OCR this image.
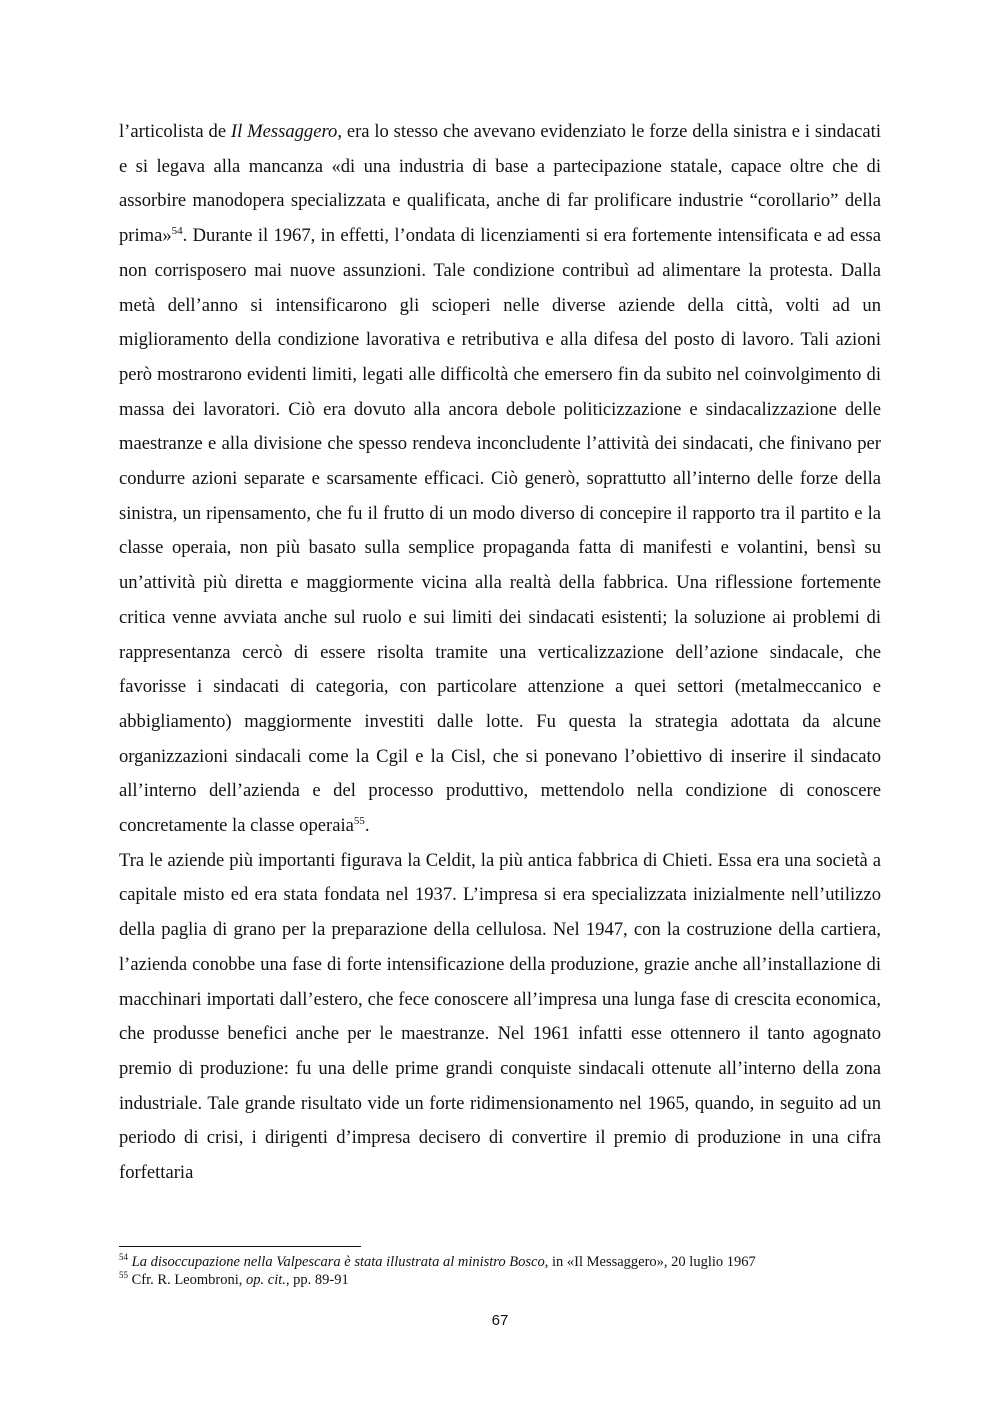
l’articolista de Il Messaggero, era lo stesso che avevano evidenziato le forze della sinistra e i sindacati e si legava alla mancanza «di una industria di base a partecipazione statale, capace oltre che di assorbire manodopera specializzata e qualificata, anche di far prolificare industrie “corollario” della prima»$^{54}$. Durante il 1967, in effetti, l’ondata di licenziamenti si era fortemente intensificata e ad essa non corrisposero mai nuove assunzioni. Tale condizione contribuì ad alimentare la protesta. Dalla metà dell’anno si intensificarono gli scioperi nelle diverse aziende della città, volti ad un miglioramento della condizione lavorativa e retributiva e alla difesa del posto di lavoro. Tali azioni però mostrarono evidenti limiti, legati alle difficoltà che emersero fin da subito nel coinvolgimento di massa dei lavoratori. Ciò era dovuto alla ancora debole politicizzazione e sindacalizzazione delle maestranze e alla divisione che spesso rendeva inconcludente l’attività dei sindacati, che finivano per condurre azioni separate e scarsamente efficaci. Ciò generò, soprattutto all’interno delle forze della sinistra, un ripensamento, che fu il frutto di un modo diverso di concepire il rapporto tra il partito e la classe operaia, non più basato sulla semplice propaganda fatta di manifesti e volantini, bensì su un’attività più diretta e maggiormente vicina alla realtà della fabbrica. Una riflessione fortemente critica venne avviata anche sul ruolo e sui limiti dei sindacati esistenti; la soluzione ai problemi di rappresentanza cercò di essere risolta tramite una verticalizzazione dell’azione sindacale, che favorisse i sindacati di categoria, con particolare attenzione a quei settori (metalmeccanico e abbigliamento) maggiormente investiti dalle lotte. Fu questa la strategia adottata da alcune organizzazioni sindacali come la Cgil e la Cisl, che si ponevano l’obiettivo di inserire il sindacato all’interno dell’azienda e del processo produttivo, mettendolo nella condizione di conoscere concretamente la classe operaia$^{55}$.

Tra le aziende più importanti figurava la Celdit, la più antica fabbrica di Chieti. Essa era una società a capitale misto ed era stata fondata nel 1937. L’impresa si era specializzata inizialmente nell’utilizzo della paglia di grano per la preparazione della cellulosa. Nel 1947, con la costruzione della cartiera, l’azienda conobbe una fase di forte intensificazione della produzione, grazie anche all’installazione di macchinari importati dall’estero, che fece conoscere all’impresa una lunga fase di crescita economica, che produsse benefici anche per le maestranze. Nel 1961 infatti esse ottennero il tanto agognato premio di produzione: fu una delle prime grandi conquiste sindacali ottenute all’interno della zona industriale. Tale grande risultato vide un forte ridimensionamento nel 1965, quando, in seguito ad un periodo di crisi, i dirigenti d’impresa decisero di convertire il premio di produzione in una cifra forfettaria

$^{54}$ La disoccupazione nella Valpescara è stata illustrata al ministro Bosco, in «Il Messaggero», 20 luglio 1967

$^{55}$ Cfr. R. Leombroni, op. cit., pp. 89-91

67
